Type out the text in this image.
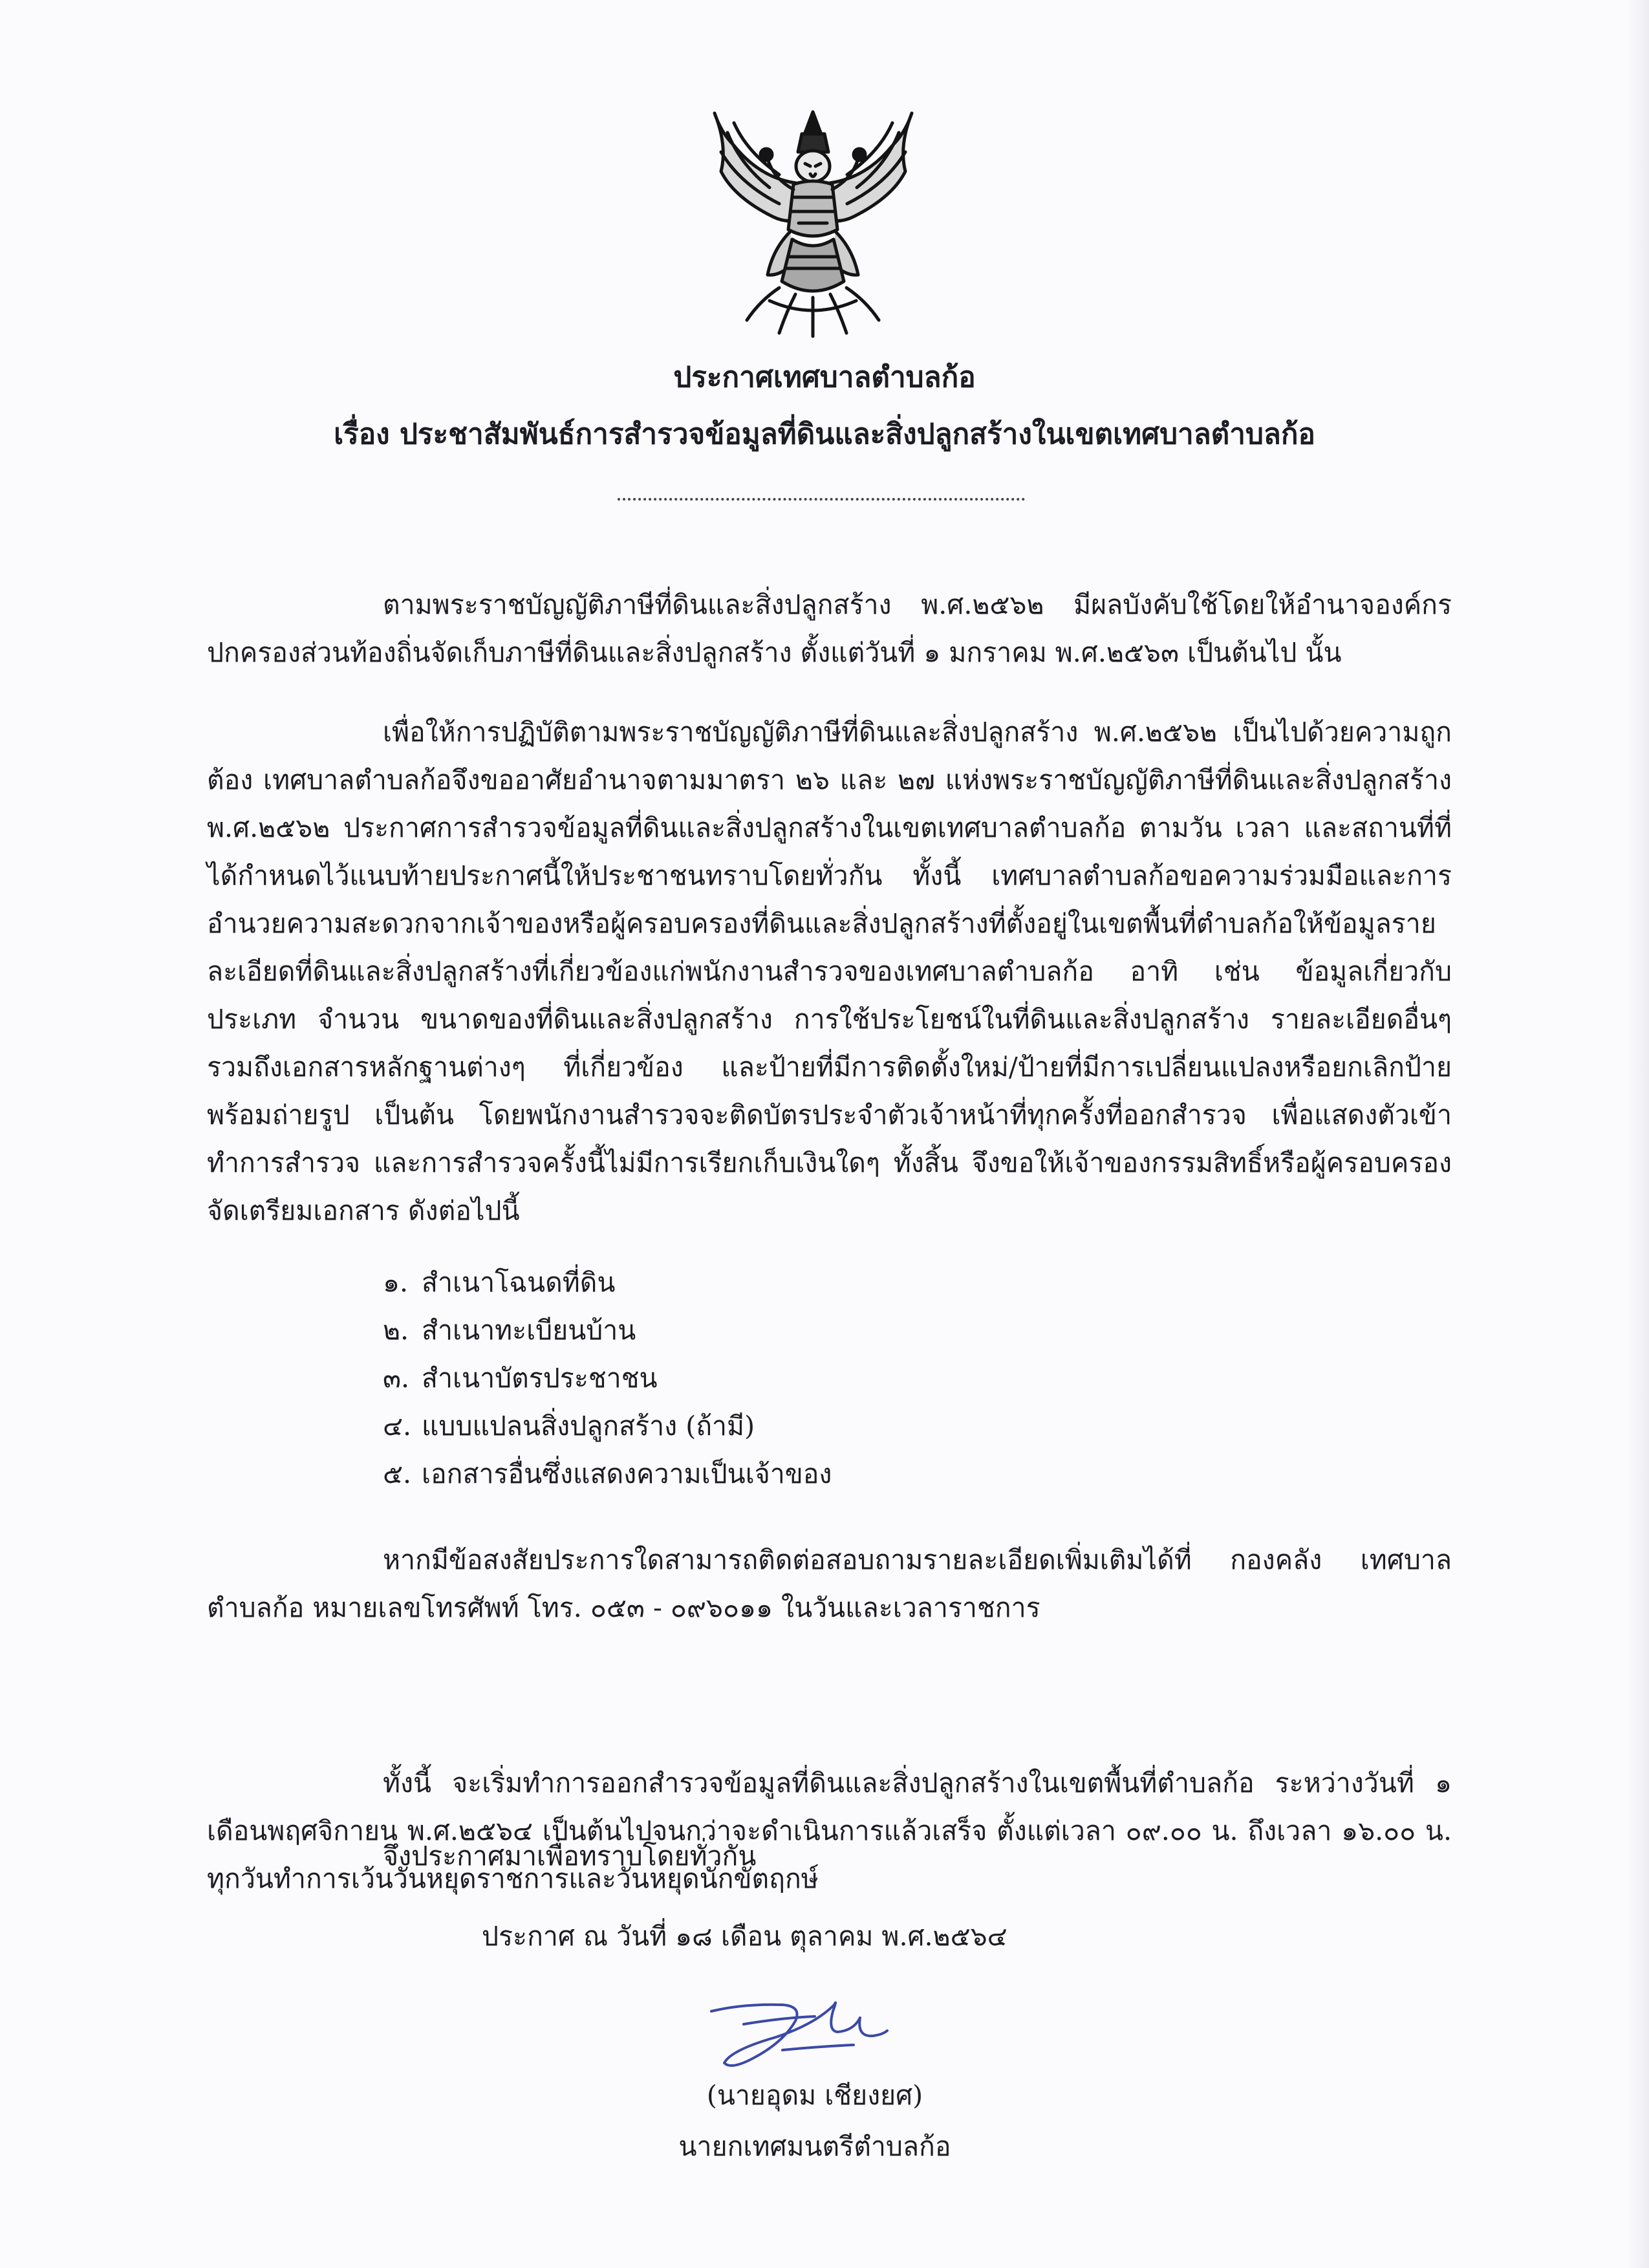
ประกาศเทศบาลตำบลก้อ
เรื่อง ประชาสัมพันธ์การสำรวจข้อมูลที่ดินและสิ่งปลูกสร้างในเขตเทศบาลตำบลก้อ

ตามพระราชบัญญัติภาษีที่ดินและสิ่งปลูกสร้าง พ.ศ.๒๕๖๒ มีผลบังคับใช้โดยให้อำนาจองค์กรปกครองส่วนท้องถิ่นจัดเก็บภาษีที่ดินและสิ่งปลูกสร้าง ตั้งแต่วันที่ ๑ มกราคม พ.ศ.๒๕๖๓ เป็นต้นไป นั้น

เพื่อให้การปฏิบัติตามพระราชบัญญัติภาษีที่ดินและสิ่งปลูกสร้าง พ.ศ.๒๕๖๒ เป็นไปด้วยความถูกต้อง เทศบาลตำบลก้อจึงขออาศัยอำนาจตามมาตรา ๒๖ และ ๒๗ แห่งพระราชบัญญัติภาษีที่ดินและสิ่งปลูกสร้าง พ.ศ.๒๕๖๒ ประกาศการสำรวจข้อมูลที่ดินและสิ่งปลูกสร้างในเขตเทศบาลตำบลก้อ ตามวัน เวลา และสถานที่ที่ได้กำหนดไว้แนบท้ายประกาศนี้ให้ประชาชนทราบโดยทั่วกัน ทั้งนี้ เทศบาลตำบลก้อขอความร่วมมือและการอำนวยความสะดวกจากเจ้าของหรือผู้ครอบครองที่ดินและสิ่งปลูกสร้างที่ตั้งอยู่ในเขตพื้นที่ตำบลก้อให้ข้อมูลรายละเอียดที่ดินและสิ่งปลูกสร้างที่เกี่ยวข้องแก่พนักงานสำรวจของเทศบาลตำบลก้อ อาทิ เช่น ข้อมูลเกี่ยวกับประเภท จำนวน ขนาดของที่ดินและสิ่งปลูกสร้าง การใช้ประโยชน์ในที่ดินและสิ่งปลูกสร้าง รายละเอียดอื่นๆ รวมถึงเอกสารหลักฐานต่างๆ ที่เกี่ยวข้อง และป้ายที่มีการติดตั้งใหม่/ป้ายที่มีการเปลี่ยนแปลงหรือยกเลิกป้าย พร้อมถ่ายรูป เป็นต้น โดยพนักงานสำรวจจะติดบัตรประจำตัวเจ้าหน้าที่ทุกครั้งที่ออกสำรวจ เพื่อแสดงตัวเข้าทำการสำรวจ และการสำรวจครั้งนี้ไม่มีการเรียกเก็บเงินใดๆ ทั้งสิ้น จึงขอให้เจ้าของกรรมสิทธิ์หรือผู้ครอบครองจัดเตรียมเอกสาร ดังต่อไปนี้

๑. สำเนาโฉนดที่ดิน
๒. สำเนาทะเบียนบ้าน
๓. สำเนาบัตรประชาชน
๔. แบบแปลนสิ่งปลูกสร้าง (ถ้ามี)
๕. เอกสารอื่นซึ่งแสดงความเป็นเจ้าของ

หากมีข้อสงสัยประการใดสามารถติดต่อสอบถามรายละเอียดเพิ่มเติมได้ที่ กองคลัง เทศบาลตำบลก้อ หมายเลขโทรศัพท์ โทร. ๐๕๓ - ๐๙๖๐๑๑ ในวันและเวลาราชการ

ทั้งนี้ จะเริ่มทำการออกสำรวจข้อมูลที่ดินและสิ่งปลูกสร้างในเขตพื้นที่ตำบลก้อ ระหว่างวันที่ ๑ เดือนพฤศจิกายน พ.ศ.๒๕๖๔ เป็นต้นไปจนกว่าจะดำเนินการแล้วเสร็จ ตั้งแต่เวลา ๐๙.๐๐ น. ถึงเวลา ๑๖.๐๐ น. ทุกวันทำการเว้นวันหยุดราชการและวันหยุดนักขัตฤกษ์

จึงประกาศมาเพื่อทราบโดยทั่วกัน
ประกาศ ณ วันที่ ๑๘ เดือน ตุลาคม พ.ศ.๒๕๖๔
(นายอุดม เชียงยศ)
นายกเทศมนตรีตำบลก้อ
